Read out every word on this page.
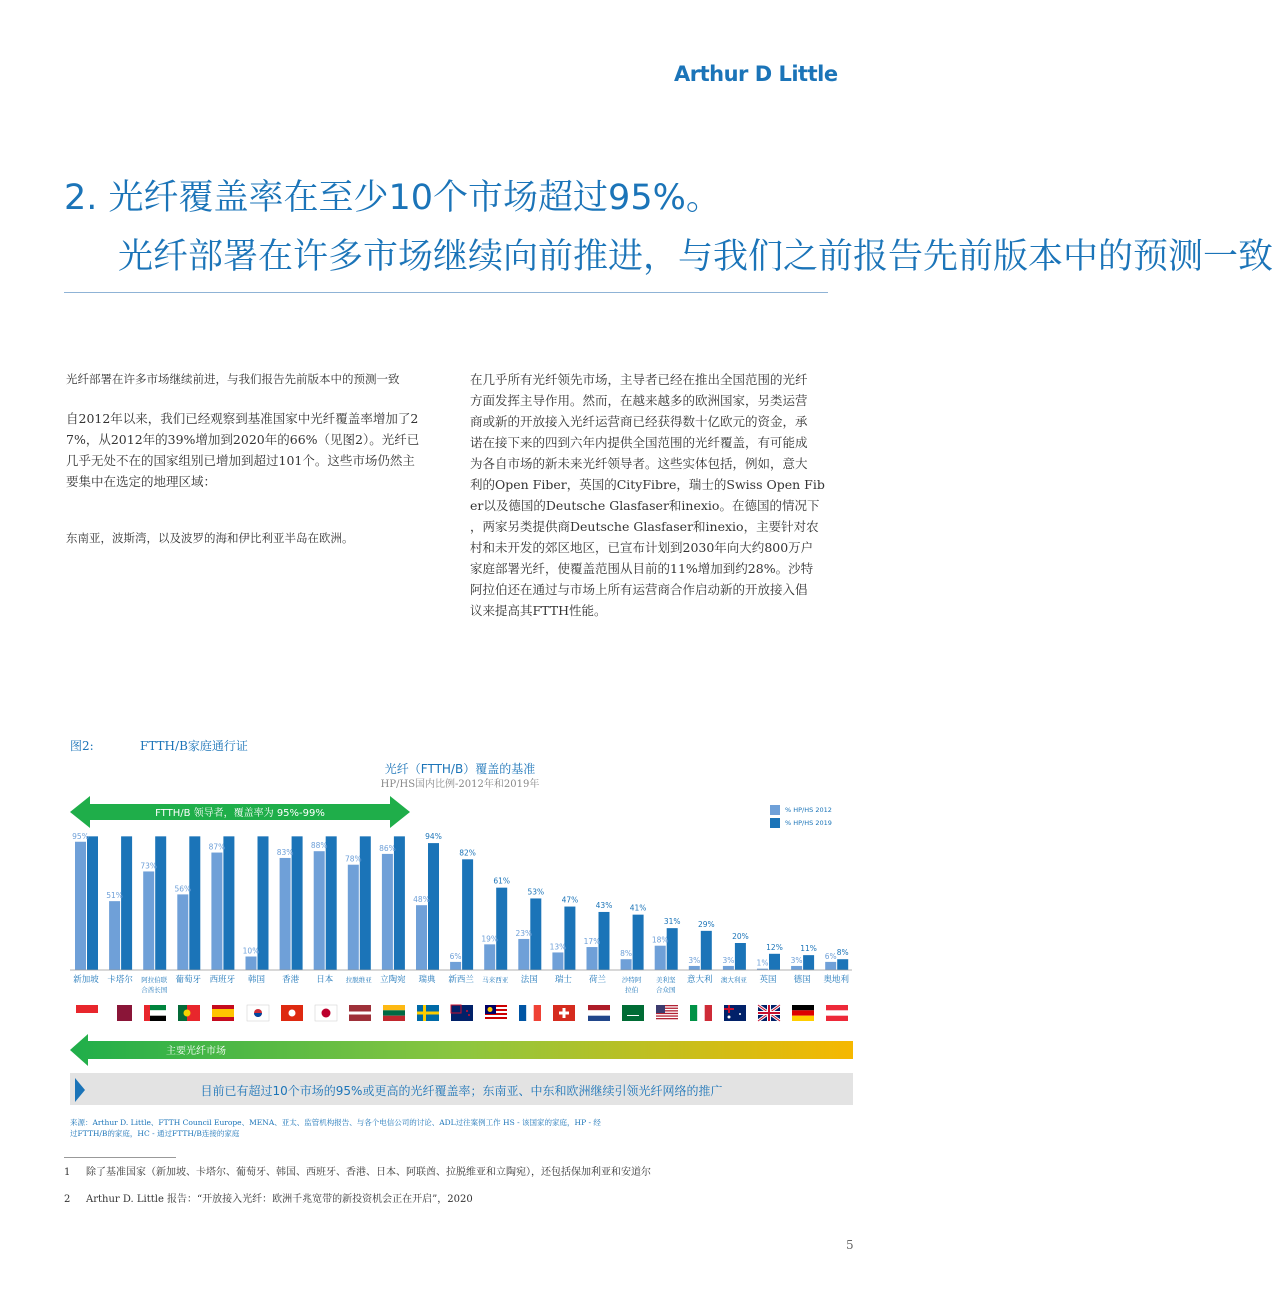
Arthur D Little
2. 光纤覆盖率在至少10个市场超过95%。
光纤部署在许多市场继续向前推进，与我们之前报告先前版本中的预测一致
光纤部署在许多市场继续前进，与我们报告先前版本中的预测一致
自2012年以来，我们已经观察到基准国家中光纤覆盖率增加了2
7%，从2012年的39%增加到2020年的66%（见图2）。光纤已
几乎无处不在的国家组别已增加到超过101个。这些市场仍然主
要集中在选定的地理区域：
东南亚，波斯湾，以及波罗的海和伊比利亚半岛在欧洲。
在几乎所有光纤领先市场，主导者已经在推出全国范围的光纤
方面发挥主导作用。然而，在越来越多的欧洲国家，另类运营
商或新的开放接入光纤运营商已经获得数十亿欧元的资金，承
诺在接下来的四到六年内提供全国范围的光纤覆盖，有可能成
为各自市场的新未来光纤领导者。这些实体包括，例如，意大
利的Open Fiber，英国的CityFibre，瑞士的Swiss Open Fib
er以及德国的Deutsche Glasfaser和inexio。在德国的情况下
，两家另类提供商Deutsche Glasfaser和inexio，主要针对农
村和未开发的郊区地区，已宣布计划到2030年向大约800万户
家庭部署光纤，使覆盖范围从目前的11%增加到约28%。沙特
阿拉伯还在通过与市场上所有运营商合作启动新的开放接入倡
议来提高其FTTH性能。
图2:	FTTH/B家庭通行证
光纤（FTTH/B）覆盖的基准
HP/HS国内比例-2012年和2019年
FTTH/B 领导者，覆盖率为 95%-99%	% HP/HS 2012
% HP/HS 2019
95%
新加坡
51%
卡塔尔
73%
阿拉伯联
合酋长国
56%
葡萄牙
87%
西班牙
10%
韩国
83%
香港
88%
日本
78%
拉脱维亚
86%
立陶宛
48%
94%
瑞典
6%
82%
新西兰
19%
61%
马来西亚
23%
53%
法国
13%
47%
瑞士
17%
43%
荷兰
8%
41%
沙特阿
拉伯
18%
31%
美利坚
合众国
3%
29%
意大利
3%
20%
澳大利亚
1%
12%
英国
3%
11%
德国
6% 8%
奥地利
主要光纤市场
目前已有超过10个市场的95%或更高的光纤覆盖率；东南亚、中东和欧洲继续引领光纤网络的推广
来源：Arthur D. Little、FTTH Council Europe、MENA、亚太、监管机构报告、与各个电信公司的讨论、ADL过往案例工作 HS - 该国家的家庭，HP - 经
过FTTH/B的家庭，HC - 通过FTTH/B连接的家庭
1 除了基准国家（新加坡、卡塔尔、葡萄牙、韩国、西班牙、香港、日本、阿联酋、拉脱维亚和立陶宛），还包括保加利亚和安道尔
2 Arthur D. Little 报告：“开放接入光纤：欧洲千兆宽带的新投资机会正在开启”，2020
5
